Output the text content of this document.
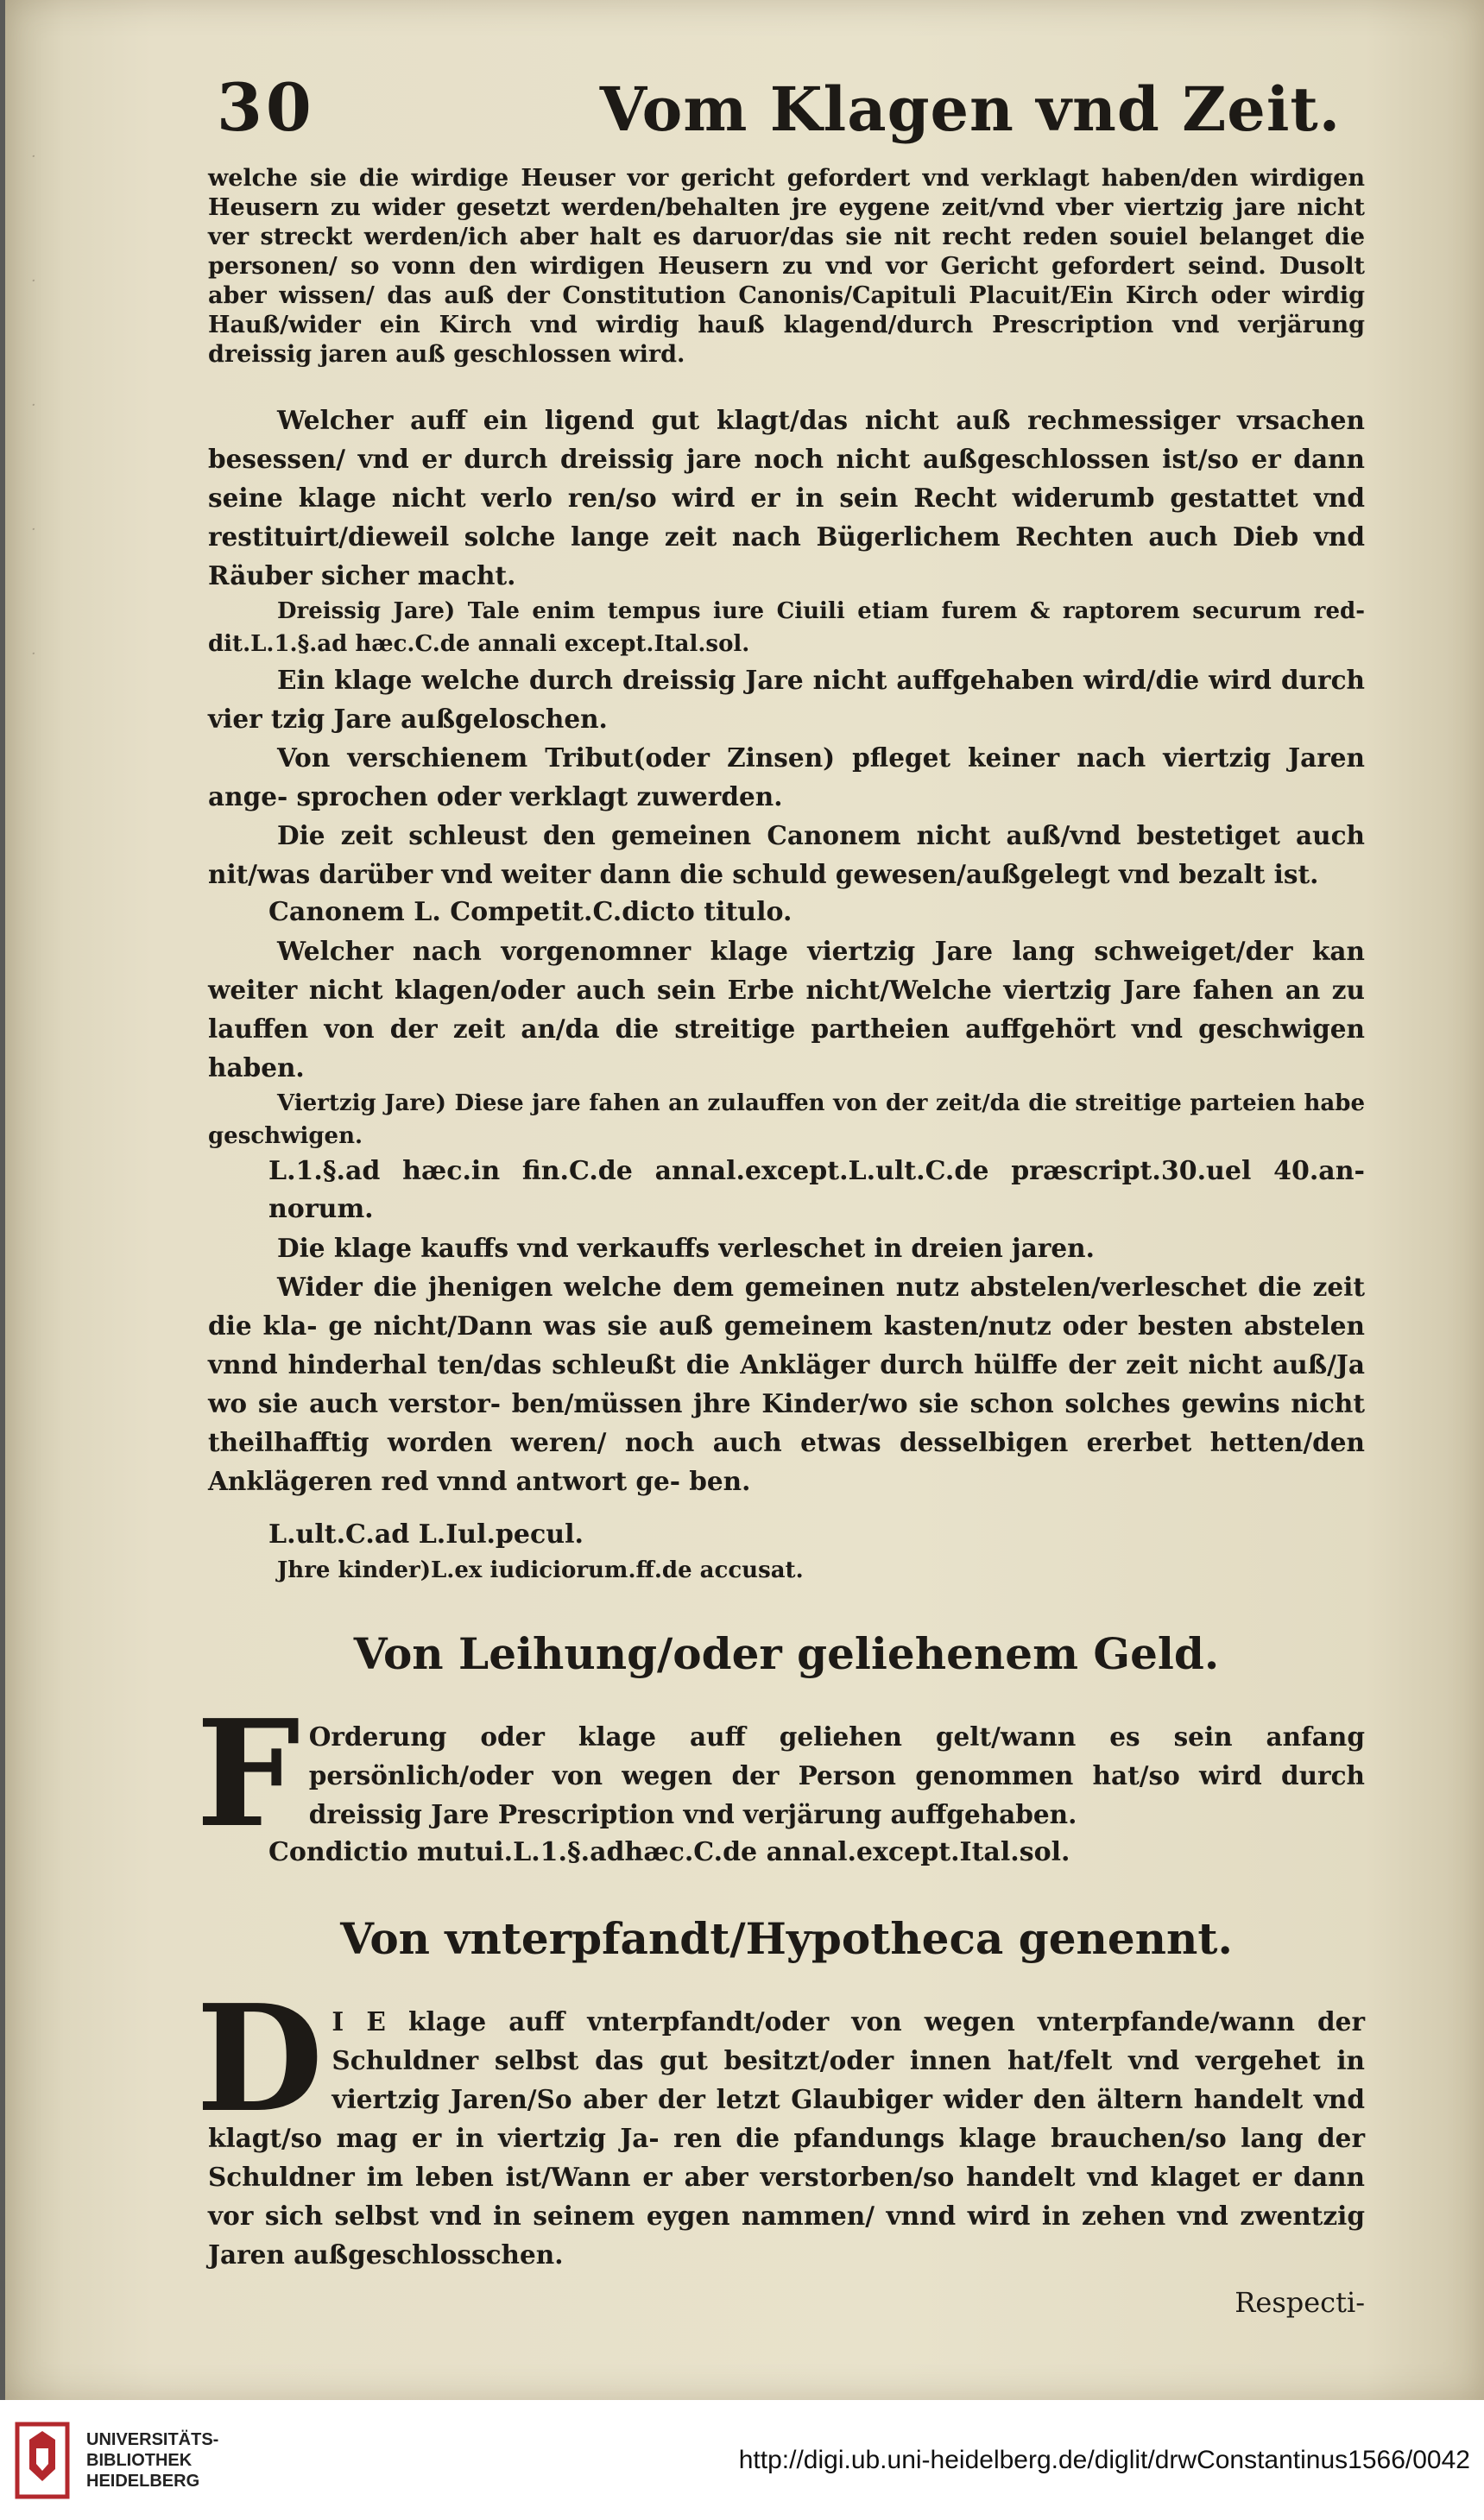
·
·
·
·
·
30	Vom Klagen vnd Zeit.

welche sie die wirdige Heuser vor gericht gefordert vnd verklagt haben/den wirdigen Heusern zu wider gesetzt werden/behalten jre eygene zeit/vnd vber viertzig jare nicht ver streckt werden/ich aber halt es daruor/das sie nit recht reden souiel belanget die personen/ so vonn den wirdigen Heusern zu vnd vor Gericht gefordert seind. Dusolt aber wissen/ das auß der Constitution Canonis/Capituli Placuit/Ein Kirch oder wirdig Hauß/wider ein Kirch vnd wirdig hauß klagend/durch Prescription vnd verjärung dreissig jaren auß geschlossen wird.

Welcher auff ein ligend gut klagt/das nicht auß rechmessiger vrsachen besessen/ vnd er durch dreissig jare noch nicht außgeschlossen ist/so er dann seine klage nicht verlo ren/so wird er in sein Recht widerumb gestattet vnd restituirt/dieweil solche lange zeit nach Bügerlichem Rechten auch Dieb vnd Räuber sicher macht.

Dreissig Jare) Tale enim tempus iure Ciuili etiam furem & raptorem securum red- dit.L.1.§.ad hæc.C.de annali except.Ital.sol.

Ein klage welche durch dreissig Jare nicht auffgehaben wird/die wird durch vier tzig Jare außgeloschen.

Von verschienem Tribut(oder Zinsen) pfleget keiner nach viertzig Jaren ange- sprochen oder verklagt zuwerden.

Die zeit schleust den gemeinen Canonem nicht auß/vnd bestetiget auch nit/was darüber vnd weiter dann die schuld gewesen/außgelegt vnd bezalt ist.

Canonem L. Competit.C.dicto titulo.

Welcher nach vorgenomner klage viertzig Jare lang schweiget/der kan weiter nicht klagen/oder auch sein Erbe nicht/Welche viertzig Jare fahen an zu lauffen von der zeit an/da die streitige partheien auffgehört vnd geschwigen haben.

Viertzig Jare) Diese jare fahen an zulauffen von der zeit/da die streitige parteien habe geschwigen.

L.1.§.ad hæc.in fin.C.de annal.except.L.ult.C.de præscript.30.uel 40.an- norum.

Die klage kauffs vnd verkauffs verleschet in dreien jaren.

Wider die jhenigen welche dem gemeinen nutz abstelen/verleschet die zeit die kla- ge nicht/Dann was sie auß gemeinem kasten/nutz oder besten abstelen vnnd hinderhal ten/das schleußt die Ankläger durch hülffe der zeit nicht auß/Ja wo sie auch verstor- ben/müssen jhre Kinder/wo sie schon solches gewins nicht theilhafftig worden weren/ noch auch etwas desselbigen ererbet hetten/den Anklägeren red vnnd antwort ge- ben.

L.ult.C.ad L.Iul.pecul.

Jhre kinder)L.ex iudiciorum.ff.de accusat.

Von Leihung/oder geliehenem Geld.
F Orderung oder klage auff geliehen gelt/wann es sein anfang persönlich/oder von wegen der Person genommen hat/so wird durch dreissig Jare Prescription vnd verjärung auffgehaben.

Condictio mutui.L.1.§.adhæc.C.de annal.except.Ital.sol.

Von vnterpfandt/Hypotheca genennt.
D I E klage auff vnterpfandt/oder von wegen vnterpfande/wann der Schuldner selbst das gut besitzt/oder innen hat/felt vnd vergehet in viertzig Jaren/So aber der letzt Glaubiger wider den ältern handelt vnd klagt/so mag er in viertzig Ja- ren die pfandungs klage brauchen/so lang der Schuldner im leben ist/Wann er aber verstorben/so handelt vnd klaget er dann vor sich selbst vnd in seinem eygen nammen/ vnnd wird in zehen vnd zwentzig Jaren außgeschlosschen.

Respecti-
UNIVERSITÄTS-
BIBLIOTHEK
HEIDELBERG
http://digi.ub.uni-heidelberg.de/diglit/drwConstantinus1566/0042
